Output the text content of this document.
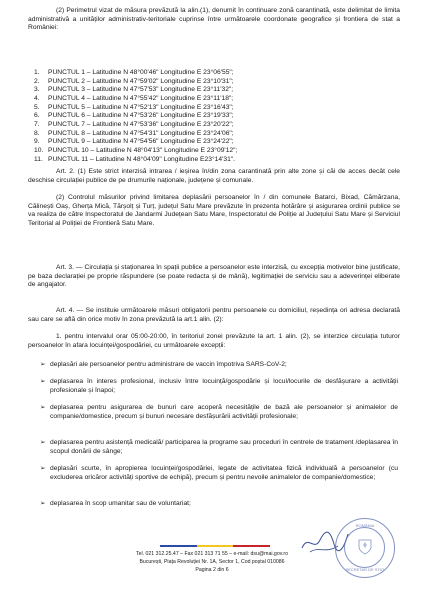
(2) Perimetrul vizat de măsura prevăzută la alin.(1), denumit în continuare zonă carantinată, este delimitat de limita administrativă a unităților administrativ-teritoriale cuprinse între următoarele coordonate geografice și frontiera de stat a României:
1. PUNCTUL 1 – Latitudine N 48°00'46" Longitudine E 23°06'55";
2. PUNCTUL 2 – Latitudine N 47°59'02" Longitudine E 23°10'31";
3. PUNCTUL 3 – Latitudine N 47°57'53" Longitudine E 23°11'32";
4. PUNCTUL 4 – Latitudine N 47°55'42" Longitudine E 23°11'18";
5. PUNCTUL 5 – Latitudine N 47°52'13" Longitudine E 23°16'43";
6. PUNCTUL 6 – Latitudine N 47°53'26" Longitudine E 23°19'33";
7. PUNCTUL 7 – Latitudine N 47°53'36" Longitudine E 23°20'22";
8. PUNCTUL 8 – Latitudine N 47°54'31" Longitudine E 23°24'06";
9. PUNCTUL 9 – Latitudine N 47°54'56" Longitudine E 23°24'22";
10. PUNCTUL 10 – Latitudine N 48°04'13" Longitudine E 23°09'12";
11. PUNCTUL 11 – Latitudine N 48°04'09" Longitudine E23°14'31".
Art. 2. (1) Este strict interzisă intrarea / ieșirea în/din zona carantinată prin alte zone și căi de acces decât cele deschise circulației publice de pe drumurile naționale, județene și comunale.
(2) Controlul măsurilor privind limitarea deplasării persoanelor în / din comunele Batarci, Bixad, Cămărzana, Călinești Oaș, Gherța Mică, Tărșolț și Turț, județul Satu Mare prevăzute în prezenta hotărâre și asigurarea ordinii publice se va realiza de către Inspectoratul de Jandarmi Județean Satu Mare, Inspectoratul de Poliție al Județului Satu Mare și Serviciul Teritorial al Poliției de Frontieră Satu Mare.
Art. 3. — Circulația și staționarea în spații publice a persoanelor este interzisă, cu excepția motivelor bine justificate, pe baza declarației pe proprie răspundere (se poate redacta și de mână), legitimației de serviciu sau a adeverinței eliberate de angajator.
Art. 4. — Se instituie următoarele măsuri obligatorii pentru persoanele cu domiciliul, reședința ori adresa declarată sau care se află din orice motiv în zona prevăzută la art.1 alin. (2):
1. pentru intervalul orar 05:00-20:00, în teritoriul zonei prevăzute la art. 1 alin. (2), se interzice circulația tuturor persoanelor în afara locuinței/gospodăriei, cu următoarele excepții:
➢ deplasări ale persoanelor pentru administrare de vaccin împotriva SARS-CoV-2;
➢ deplasarea în interes profesional, inclusiv între locuință/gospodărie și locul/locurile de desfășurare a activității profesionale și înapoi;
➢ deplasarea pentru asigurarea de bunuri care acoperă necesitățile de bază ale persoanelor și animalelor de companie/domestice, precum și bunuri necesare desfășurării activității profesionale;
➢ deplasarea pentru asistență medicală/ participarea la programe sau proceduri în centrele de tratament /deplasarea în scopul donării de sânge;
➢ deplasări scurte, în apropierea locuinței/gospodăriei, legate de activitatea fizică individuală a persoanelor (cu excluderea oricăror activități sportive de echipă), precum și pentru nevoile animalelor de companie/domestice;
➢ deplasarea în scop umanitar sau de voluntariat;
Tel. 021 312.25.47 – Fax 021 313 71 55 – e-mail: dsu@mai.gov.ro
București, Piața Revoluției Nr. 1A, Sector 1, Cod poștal 010086
Pagina 2 din 6
ROMÂNIA
SECRETAR DE STAT
